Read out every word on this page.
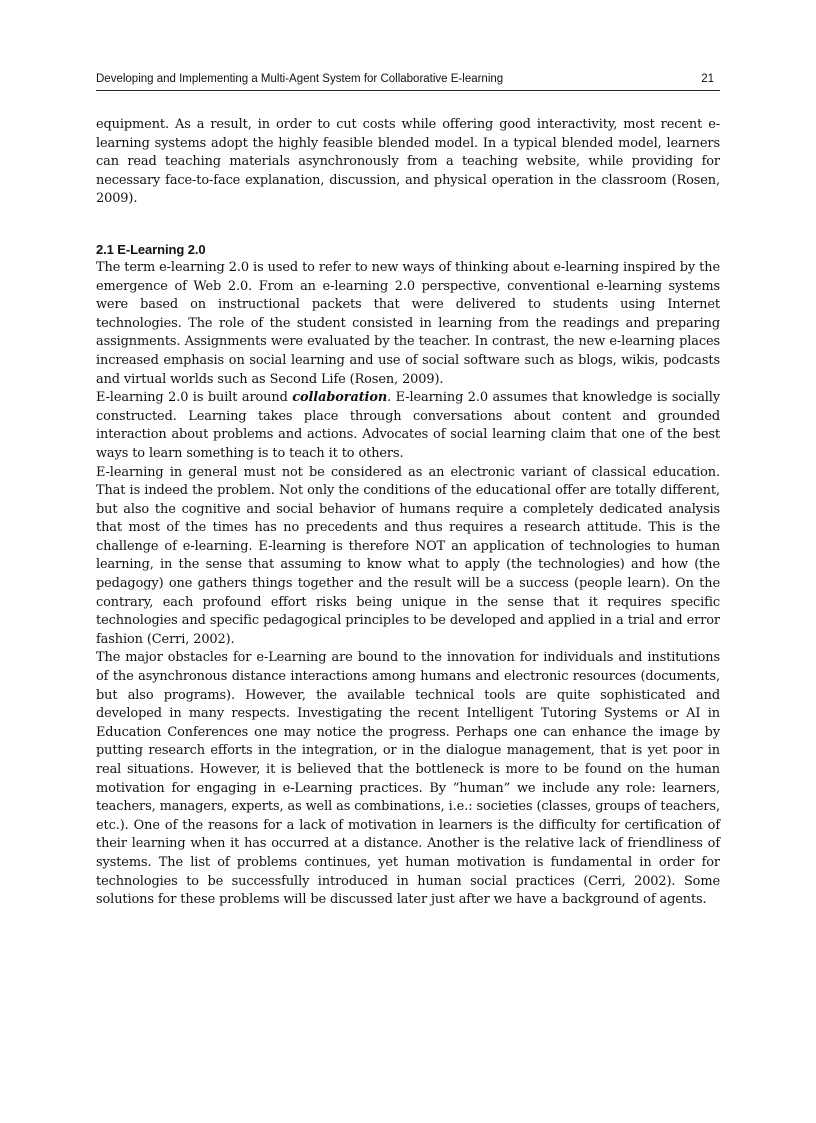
Developing and Implementing a Multi-Agent System for Collaborative E-learning	21

equipment. As a result, in order to cut costs while offering good interactivity, most recent e-learning systems adopt the highly feasible blended model. In a typical blended model, learners can read teaching materials asynchronously from a teaching website, while providing for necessary face-to-face explanation, discussion, and physical operation in the classroom (Rosen, 2009).

2.1 E-Learning 2.0

The term e-learning 2.0 is used to refer to new ways of thinking about e-learning inspired by the emergence of Web 2.0. From an e-learning 2.0 perspective, conventional e-learning systems were based on instructional packets that were delivered to students using Internet technologies. The role of the student consisted in learning from the readings and preparing assignments. Assignments were evaluated by the teacher. In contrast, the new e-learning places increased emphasis on social learning and use of social software such as blogs, wikis, podcasts and virtual worlds such as Second Life (Rosen, 2009).

E-learning 2.0 is built around collaboration. E-learning 2.0 assumes that knowledge is socially constructed. Learning takes place through conversations about content and grounded interaction about problems and actions. Advocates of social learning claim that one of the best ways to learn something is to teach it to others.

E-learning in general must not be considered as an electronic variant of classical education. That is indeed the problem. Not only the conditions of the educational offer are totally different, but also the cognitive and social behavior of humans require a completely dedicated analysis that most of the times has no precedents and thus requires a research attitude. This is the challenge of e-learning. E-learning is therefore NOT an application of technologies to human learning, in the sense that assuming to know what to apply (the technologies) and how (the pedagogy) one gathers things together and the result will be a success (people learn). On the contrary, each profound effort risks being unique in the sense that it requires specific technologies and specific pedagogical principles to be developed and applied in a trial and error fashion (Cerri, 2002).

The major obstacles for e-Learning are bound to the innovation for individuals and institutions of the asynchronous distance interactions among humans and electronic resources (documents, but also programs). However, the available technical tools are quite sophisticated and developed in many respects. Investigating the recent Intelligent Tutoring Systems or AI in Education Conferences one may notice the progress. Perhaps one can enhance the image by putting research efforts in the integration, or in the dialogue management, that is yet poor in real situations. However, it is believed that the bottleneck is more to be found on the human motivation for engaging in e-Learning practices. By ”human” we include any role: learners, teachers, managers, experts, as well as combinations, i.e.: societies (classes, groups of teachers, etc.). One of the reasons for a lack of motivation in learners is the difficulty for certification of their learning when it has occurred at a distance. Another is the relative lack of friendliness of systems. The list of problems continues, yet human motivation is fundamental in order for technologies to be successfully introduced in human social practices (Cerri, 2002). Some solutions for these problems will be discussed later just after we have a background of agents.
